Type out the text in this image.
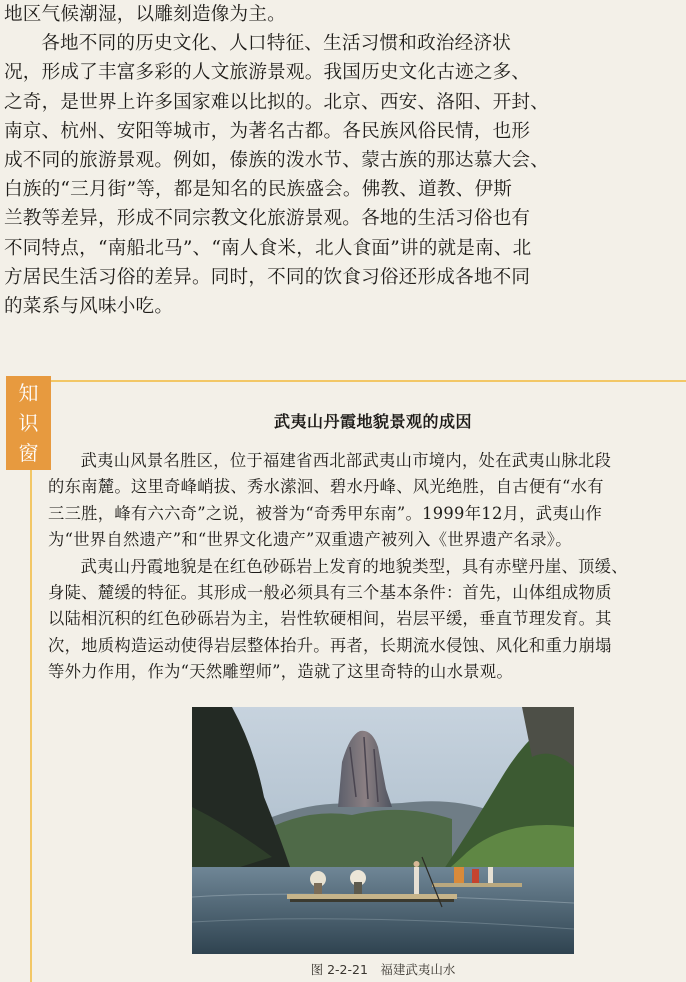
地区气候潮湿，以雕刻造像为主。

各地不同的历史文化、人口特征、生活习惯和政治经济状

况，形成了丰富多彩的人文旅游景观。我国历史文化古迹之多、

之奇，是世界上许多国家难以比拟的。北京、西安、洛阳、开封、

南京、杭州、安阳等城市，为著名古都。各民族风俗民情，也形

成不同的旅游景观。例如，傣族的泼水节、蒙古族的那达慕大会、

白族的“三月街”等，都是知名的民族盛会。佛教、道教、伊斯

兰教等差异，形成不同宗教文化旅游景观。各地的生活习俗也有

不同特点，“南船北马”、“南人食米，北人食面”讲的就是南、北

方居民生活习俗的差异。同时，不同的饮食习俗还形成各地不同

的菜系与风味小吃。

知
识
窗
武夷山丹霞地貌景观的成因

武夷山风景名胜区，位于福建省西北部武夷山市境内，处在武夷山脉北段

的东南麓。这里奇峰峭拔、秀水潆洄、碧水丹峰、风光绝胜，自古便有“水有

三三胜，峰有六六奇”之说，被誉为“奇秀甲东南”。1999年12月，武夷山作

为“世界自然遗产”和“世界文化遗产”双重遗产被列入《世界遗产名录》。

武夷山丹霞地貌是在红色砂砾岩上发育的地貌类型，具有赤壁丹崖、顶缓、

身陡、麓缓的特征。其形成一般必须具有三个基本条件：首先，山体组成物质

以陆相沉积的红色砂砾岩为主，岩性软硬相间，岩层平缓，垂直节理发育。其

次，地质构造运动使得岩层整体抬升。再者，长期流水侵蚀、风化和重力崩塌

等外力作用，作为“天然雕塑师”，造就了这里奇特的山水景观。

图 2-2-21　福建武夷山水
